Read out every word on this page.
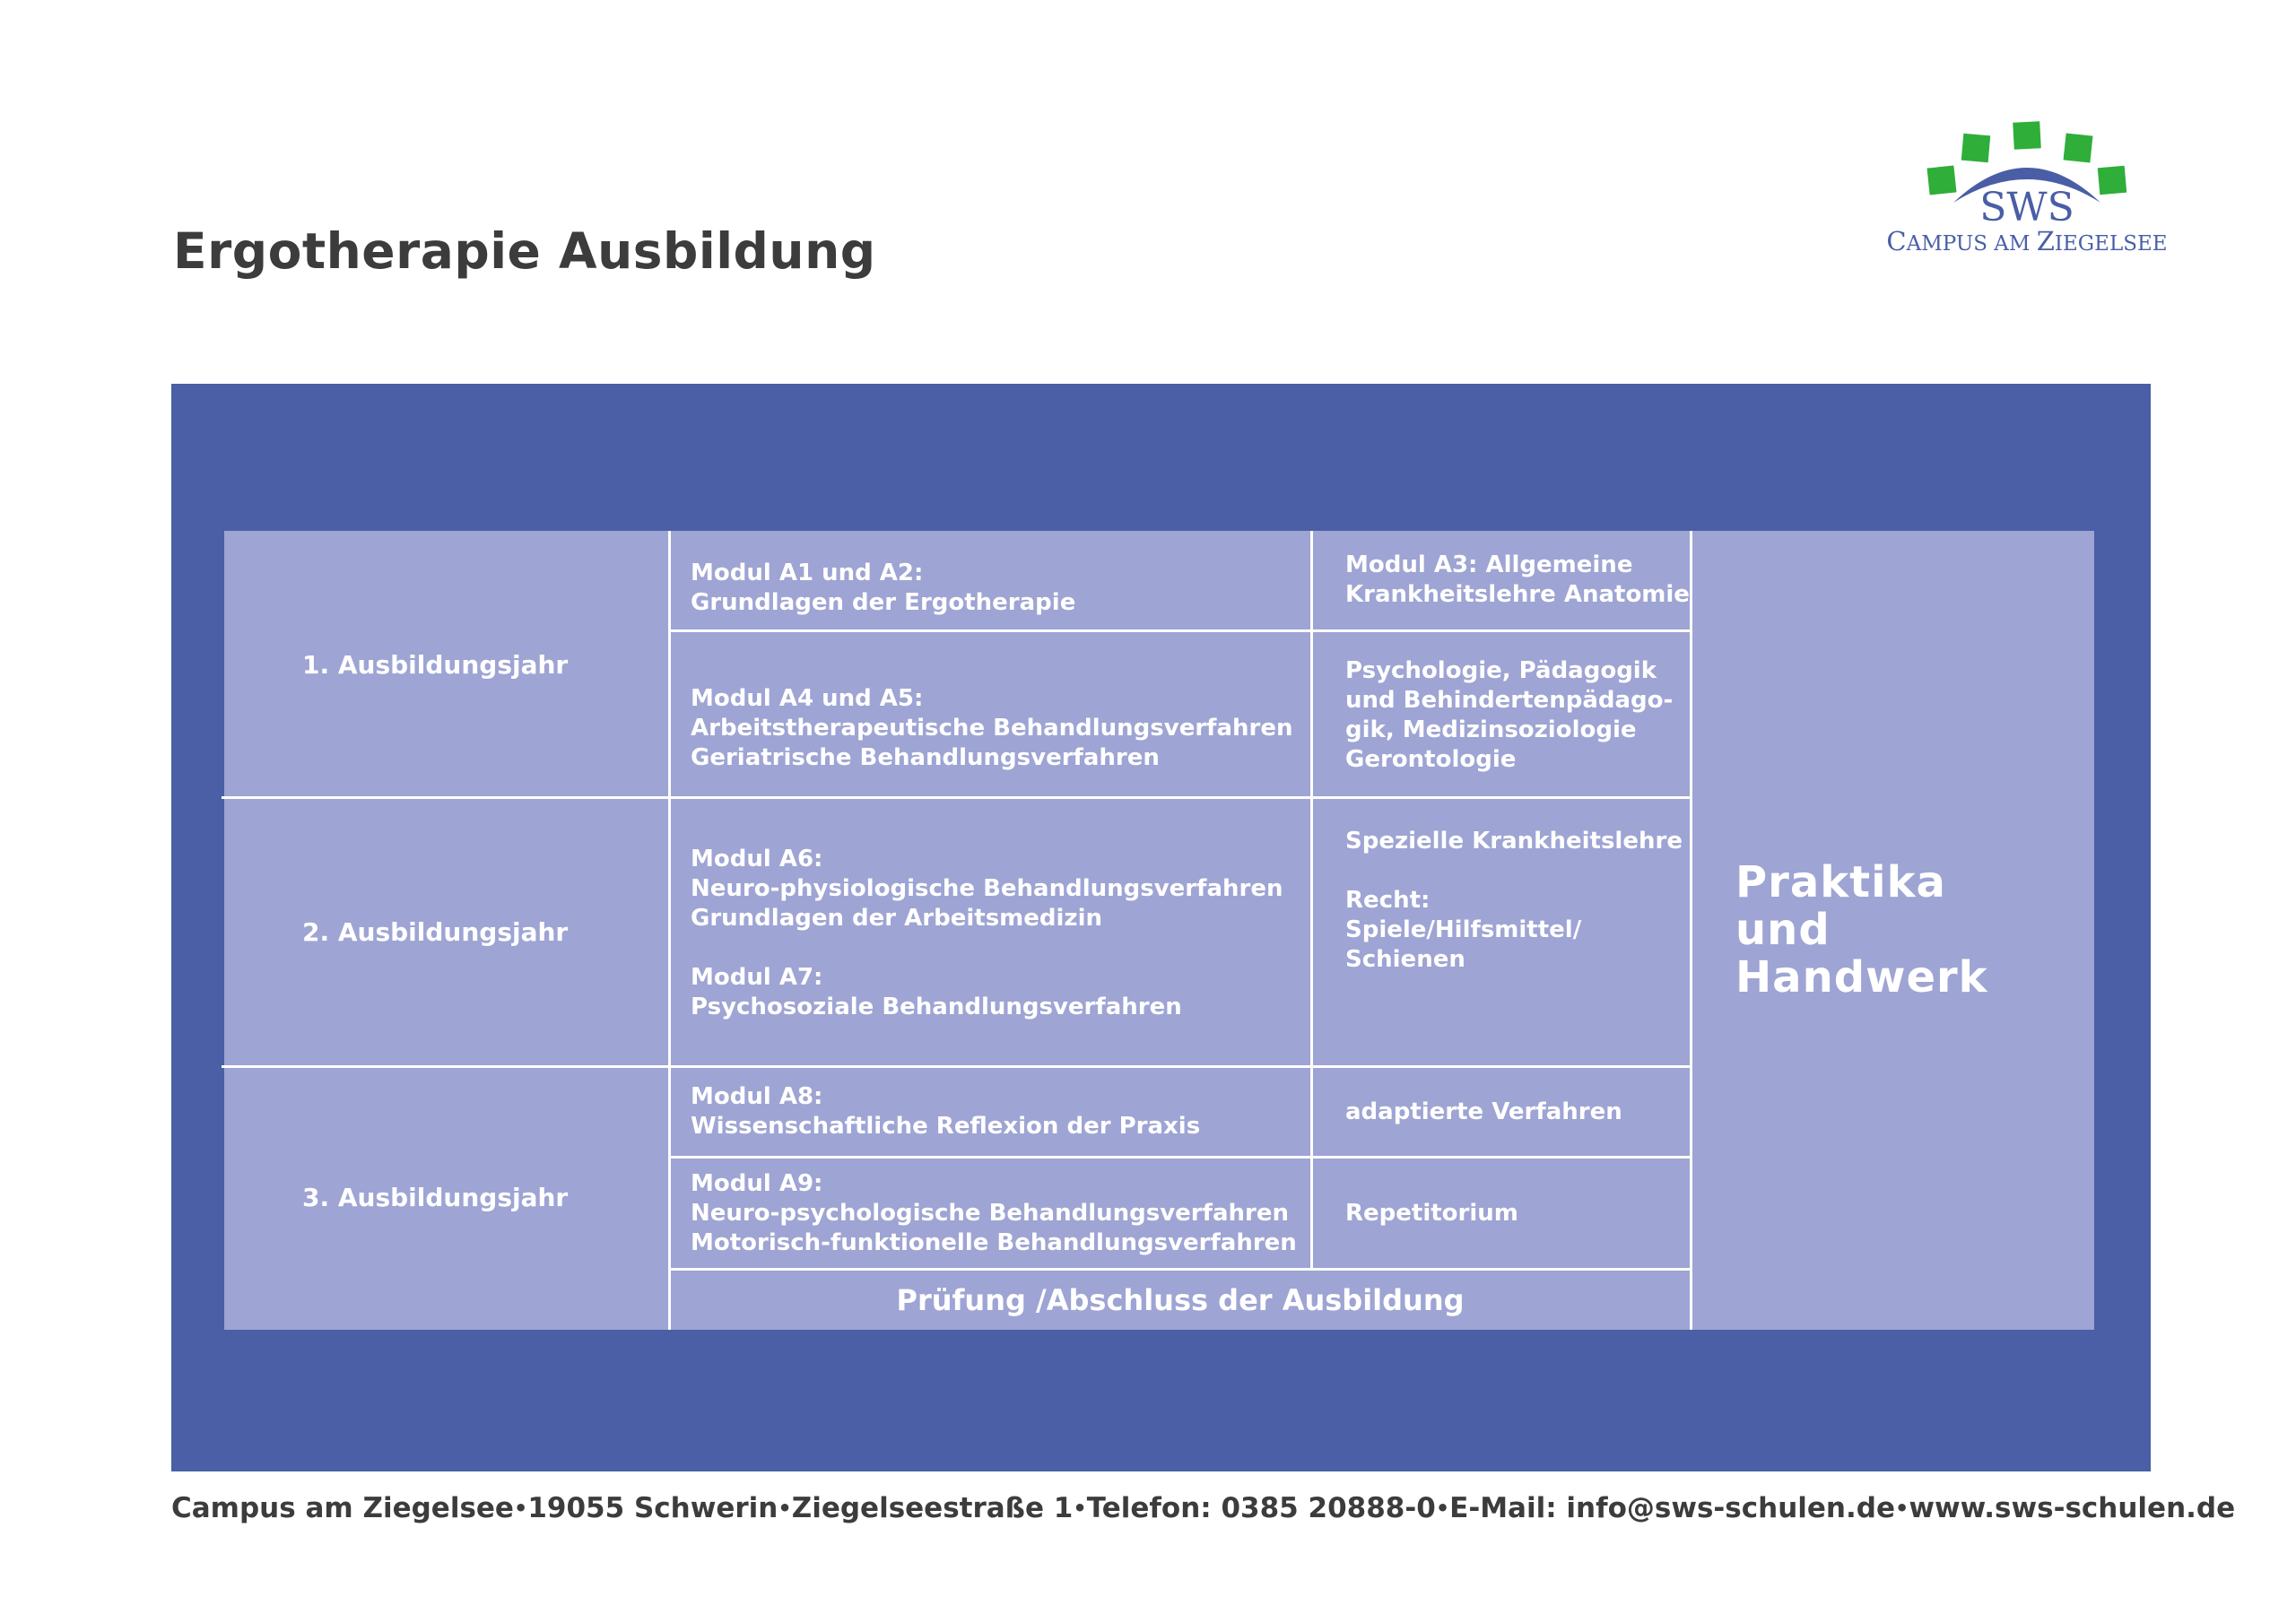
Ergotherapie Ausbildung
SWS
CAMPUS AM ZIEGELSEE
1. Ausbildungsjahr
2. Ausbildungsjahr
3. Ausbildungsjahr
Modul A1 und A2:
Grundlagen der Ergotherapie
Modul A4 und A5:
Arbeitstherapeutische Behandlungsverfahren
Geriatrische Behandlungsverfahren
Modul A6:
Neuro-physiologische Behandlungsverfahren
Grundlagen der Arbeitsmedizin

Modul A7:
Psychosoziale Behandlungsverfahren
Modul A8:
Wissenschaftliche Reflexion der Praxis
Modul A9:
Neuro-psychologische Behandlungsverfahren
Motorisch-funktionelle Behandlungsverfahren
Prüfung /Abschluss der Ausbildung
Modul A3: Allgemeine
Krankheitslehre Anatomie
Psychologie, Pädagogik
und Behindertenpädago-
gik, Medizinsoziologie
Gerontologie
Spezielle Krankheitslehre

Recht:
Spiele/Hilfsmittel/
Schienen

adaptierte Verfahren
Repetitorium
Praktika
und Handwerk
Campus am Ziegelsee • 19055 Schwerin • Ziegelseestraße 1 • Telefon: 0385 20888-0 • E-Mail: info@sws-schulen.de • www.sws-schulen.de
